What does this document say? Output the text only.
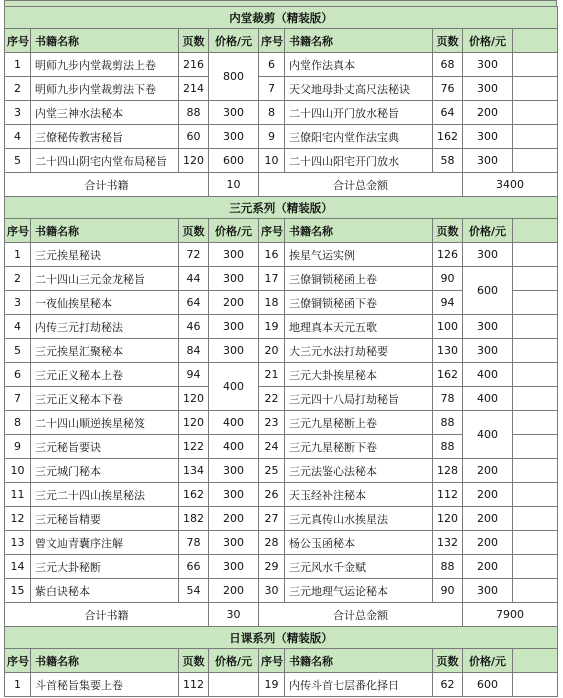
内堂裁剪（精装版）								
序号	书籍名称	页数	价格/元	序号	书籍名称	页数	价格/元	
1	明师九步内堂裁剪法上卷	216	800	6	内堂作法真本	68	300	
2	明师九步内堂裁剪法下卷	214		7	天父地母卦丈高尺法秘诀	76	300	
3	内堂三神水法秘本	88	300	8	二十四山开门放水秘旨	64	200	
4	三僚秘传教害秘旨	60	300	9	三僚阳宅内堂作法宝典	162	300	
5	二十四山阴宅内堂布局秘旨	120	600	10	二十四山阳宅开门放水	58	300	
合计书籍			10	合计总金额			3400	
三元系列（精装版）								
序号	书籍名称	页数	价格/元	序号	书籍名称	页数	价格/元	
1	三元挨星秘诀	72	300	16	挨星气运实例	126	300	
2	二十四山三元金龙秘旨	44	300	17	三僚铜锁秘函上卷	90	600	
3	一夜仙挨星秘本	64	200	18	三僚铜锁秘函下卷	94		
4	内传三元打劫秘法	46	300	19	地理真本天元五歌	100	300	
5	三元挨星汇聚秘本	84	300	20	大三元水法打劫秘要	130	300	
6	三元正义秘本上卷	94	400	21	三元大卦挨星秘本	162	400	
7	三元正义秘本下卷	120		22	三元四十八局打劫秘旨	78	400	
8	二十四山顺逆挨星秘笈	120	400	23	三元九星秘断上卷	88	400	
9	三元秘旨要诀	122	400	24	三元九星秘断下卷	88		
10	三元城门秘本	134	300	25	三元法鉴心法秘本	128	200	
11	三元二十四山挨星秘法	162	300	26	天玉经补注秘本	112	200	
12	三元秘旨精要	182	200	27	三元真传山水挨星法	120	200	
13	曾文辿青囊序注解	78	300	28	杨公玉函秘本	132	200	
14	三元大卦秘断	66	300	29	三元风水千金赋	88	200	
15	紫白诀秘本	54	200	30	三元地理气运论秘本	90	300	
合计书籍			30	合计总金额			7900	
日课系列（精装版）								
序号	书籍名称	页数	价格/元	序号	书籍名称	页数	价格/元	
1	斗首秘旨集要上卷	112		19	内传斗首七层番化择日	62	600	
